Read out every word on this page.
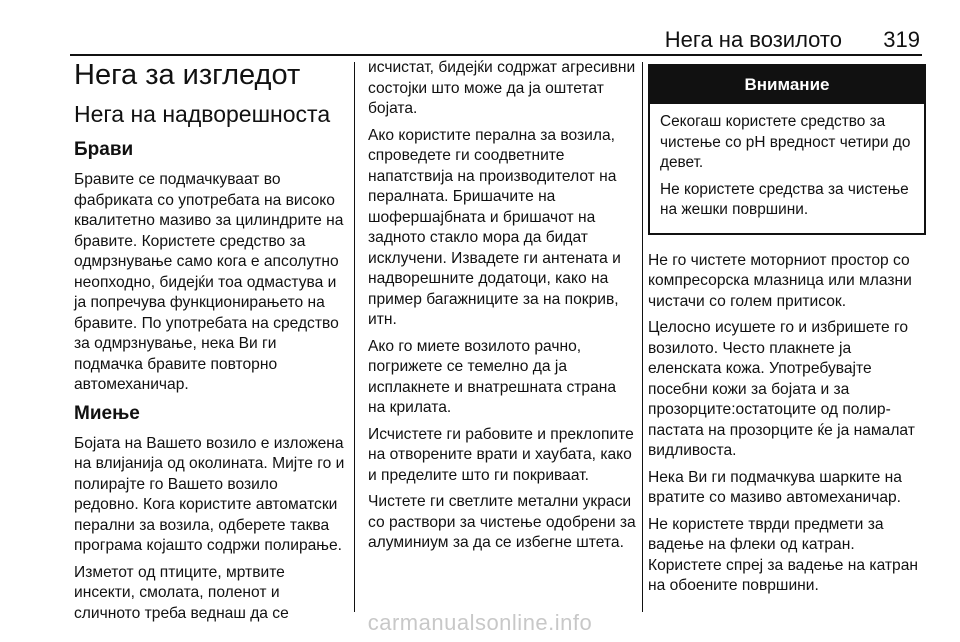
Нега на возилото 319
Нега за изгледот
Нега на надворешноста
Брави

Бравите се подмачкуваат во фабриката со употребата на високо квалитетно мазиво за цилиндрите на бравите. Користете средство за одмрзнување само кога е апсолутно неопходно, бидејќи тоа одмастува и ја попречува функционирањето на бравите. По употребата на средство за одмрзнување, нека Ви ги подмачка бравите повторно автомеханичар.

Миење

Бојата на Вашето возило е изложена на влијанија од околината. Мијте го и полирајте го Вашето возило редовно. Кога користите автоматски перални за возила, одберете таква програма којашто содржи полирање.

Изметот од птиците, мртвите инсекти, смолата, поленот и сличното треба веднаш да се

исчистат, бидејќи содржат агресивни состојки што може да ја оштетат бојата.

Ако користите перална за возила, спроведете ги соодветните напатствија на производителот на пералната. Бришачите на шофершајбната и бришачот на задното стакло мора да бидат исклучени. Извадете ги антената и надворешните додатоци, како на пример багажниците за на покрив, итн.

Ако го миете возилото рачно, погрижете се темелно да ја исплакнете и внатрешната страна на крилата.

Исчистете ги рабовите и преклопите на отворените врати и хаубата, како и пределите што ги покриваат.

Чистете ги светлите метални украси со раствори за чистење одобрени за алуминиум за да се избегне штета.

Внимание

Секогаш користете средство за чистење со pH вредност четири до девет.

Не користете средства за чистење на жешки површини.

Не го чистете моторниот простор со компресорска млазница или млазни чистачи со голем притисок.

Целосно исушете го и избришете го возилото. Често плакнете ја еленската кожа. Употребувајте посебни кожи за бојата и за прозорците:остатоците од полир-пастата на прозорците ќе ја намалат видливоста.

Нека Ви ги подмачкува шарките на вратите со мазиво автомеханичар.

Не користете тврди предмети за вадење на флеки од катран. Користете спреј за вадење на катран на обоените површини.

carmanualsonline.info
